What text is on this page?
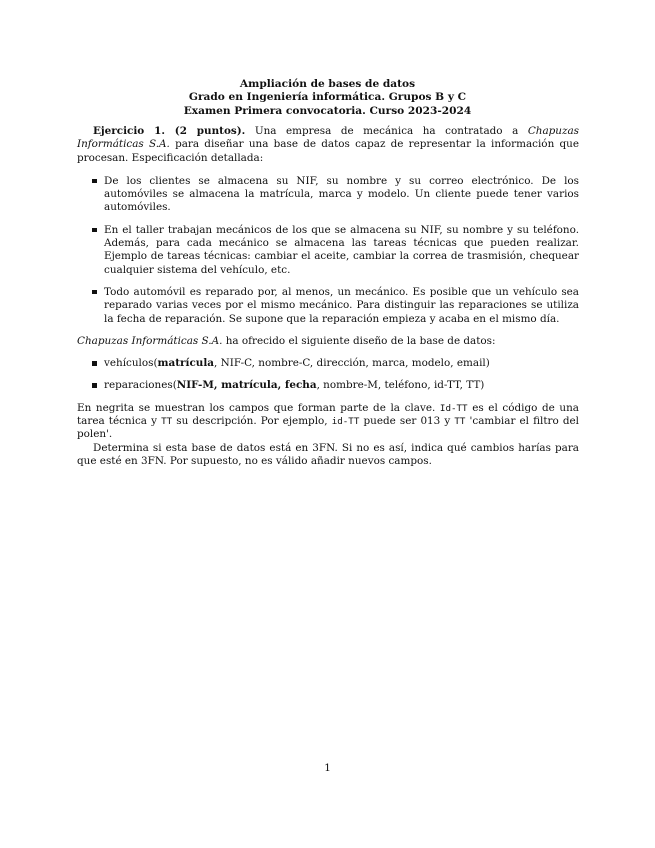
Ampliación de bases de datos
Grado en Ingeniería informática. Grupos B y C
Examen Primera convocatoria. Curso 2023-2024

Ejercicio 1. (2 puntos). Una empresa de mecánica ha contratado a Chapuzas Informáticas S.A. para diseñar una base de datos capaz de representar la información que procesan. Especificación detallada:

De los clientes se almacena su NIF, su nombre y su correo electrónico. De los automóviles se almacena la matrícula, marca y modelo. Un cliente puede tener varios automóviles.
En el taller trabajan mecánicos de los que se almacena su NIF, su nombre y su teléfono. Además, para cada mecánico se almacena las tareas técnicas que pueden realizar. Ejemplo de tareas técnicas: cambiar el aceite, cambiar la correa de trasmisión, chequear cualquier sistema del vehículo, etc.
Todo automóvil es reparado por, al menos, un mecánico. Es posible que un vehículo sea reparado varias veces por el mismo mecánico. Para distinguir las reparaciones se utiliza la fecha de reparación. Se supone que la reparación empieza y acaba en el mismo día.

Chapuzas Informáticas S.A. ha ofrecido el siguiente diseño de la base de datos:

vehículos(matrícula, NIF-C, nombre-C, dirección, marca, modelo, email)
reparaciones(NIF-M, matrícula, fecha, nombre-M, teléfono, id-TT, TT)

En negrita se muestran los campos que forman parte de la clave. Id-TT es el código de una tarea técnica y TT su descripción. Por ejemplo, id-TT puede ser 013 y TT 'cambiar el filtro del polen'.

Determina si esta base de datos está en 3FN. Si no es así, indica qué cambios harías para que esté en 3FN. Por supuesto, no es válido añadir nuevos campos.

1
